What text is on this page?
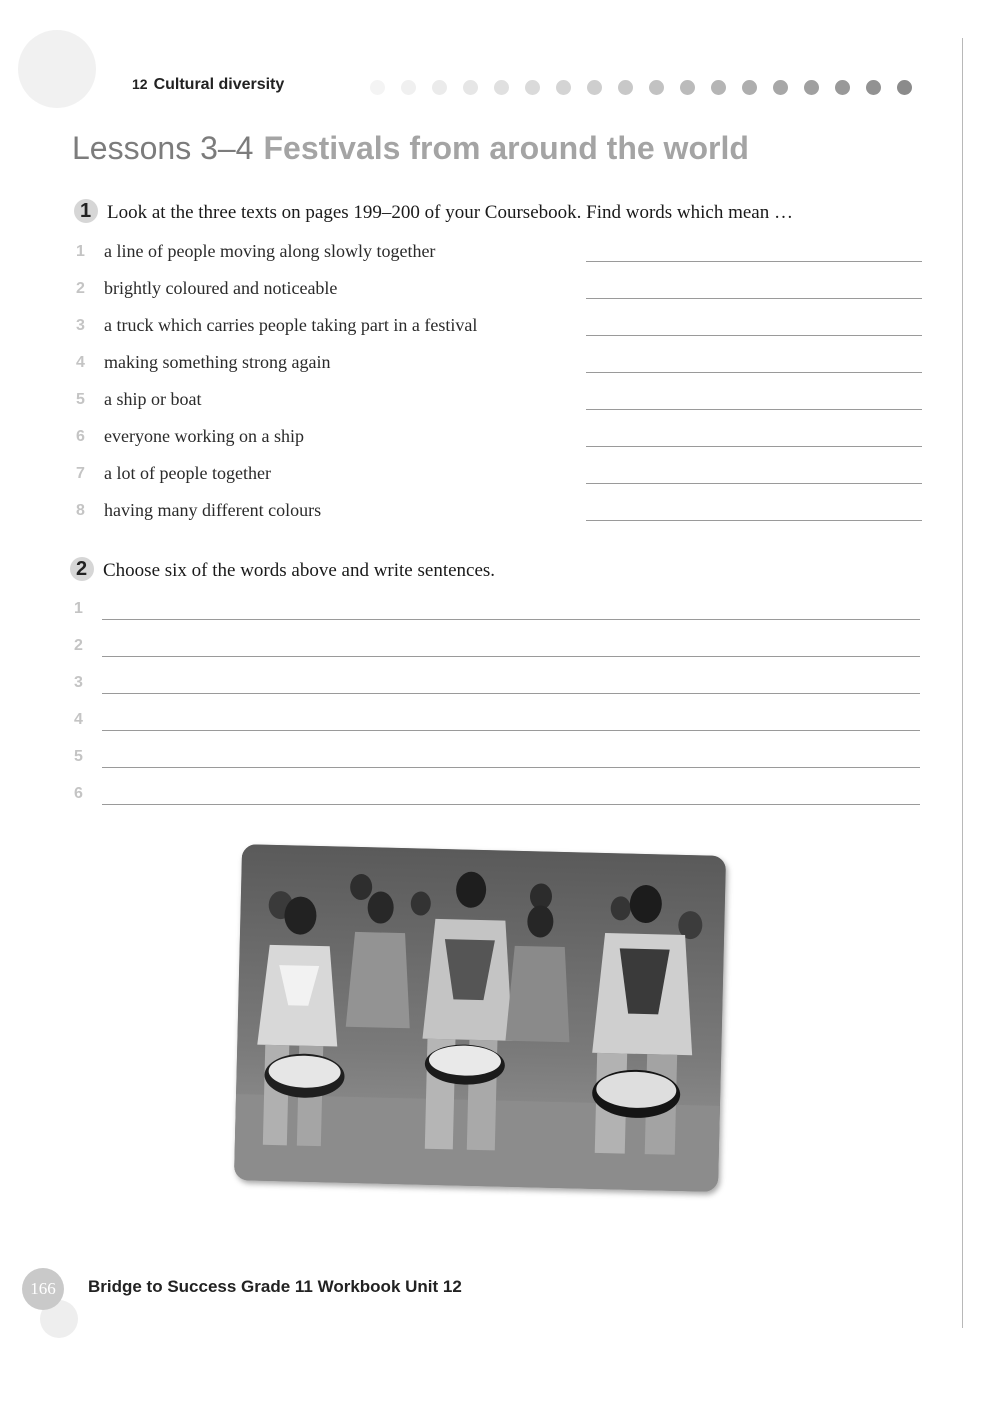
12 Cultural diversity
Lessons 3–4 Festivals from around the world
1 Look at the three texts on pages 199–200 of your Coursebook. Find words which mean …
1	a line of people moving along slowly together
2	brightly coloured and noticeable
3	a truck which carries people taking part in a festival
4	making something strong again
5	a ship or boat
6	everyone working on a ship
7	a lot of people together
8	having many different colours
2 Choose six of the words above and write sentences.
1
2
3
4
5
6
166	Bridge to Success Grade 11 Workbook Unit 12
